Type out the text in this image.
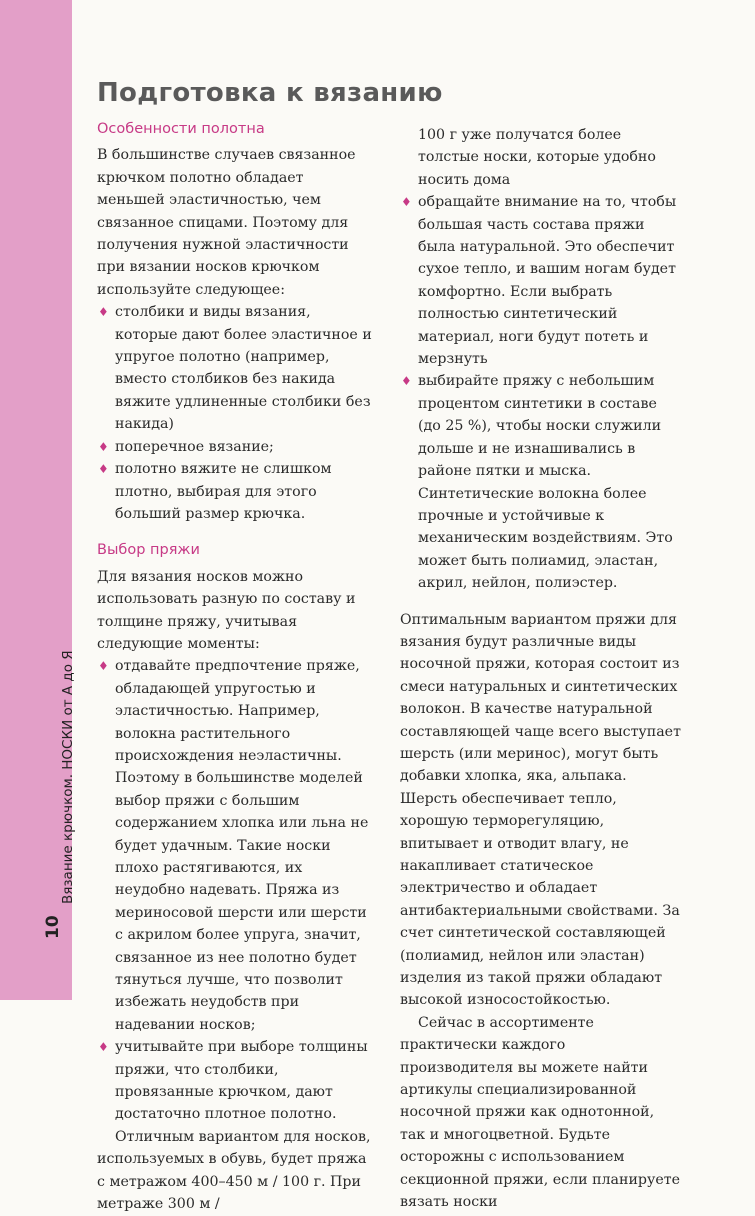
10
Вязание крючком. НОСКИ от А до Я
Подготовка к вязанию

Особенности полотна

В большинстве случаев связанное крючком полотно обладает меньшей эластичностью, чем связанное спицами. Поэтому для получения нужной эластичности при вязании носков крючком используйте следующее:

♦ столбики и виды вязания, которые дают более эластичное и упругое полотно (например, вместо столбиков без накида вяжите удлиненные столбики без накида)
♦ поперечное вязание;
♦ полотно вяжите не слишком плотно, выбирая для этого больший размер крючка.

Выбор пряжи

Для вязания носков можно использовать разную по составу и толщине пряжу, учитывая следующие моменты:

♦ отдавайте предпочтение пряже, обладающей упругостью и эластичностью. Например, волокна растительного происхождения неэластичны. Поэтому в большинстве моделей выбор пряжи с большим содержанием хлопка или льна не будет удачным. Такие носки плохо растягиваются, их неудобно надевать. Пряжа из мериносовой шерсти или шерсти с акрилом более упруга, значит, связанное из нее полотно будет тянуться лучше, что позволит избежать неудобств при надевании носков;
♦ учитывайте при выборе толщины пряжи, что столбики, провязанные крючком, дают достаточно плотное полотно.

Отличным вариантом для носков, используемых в обувь, будет пряжа с метражом 400–450 м / 100 г. При метраже 300 м /

100 г уже получатся более толстые носки, которые удобно носить дома

♦ обращайте внимание на то, чтобы большая часть состава пряжи была натуральной. Это обеспечит сухое тепло, и вашим ногам будет комфортно. Если выбрать полностью синтетический материал, ноги будут потеть и мерзнуть
♦ выбирайте пряжу с небольшим процентом синтетики в составе (до 25 %), чтобы носки служили дольше и не изнашивались в районе пятки и мыска. Синтетические волокна более прочные и устойчивые к механическим воздействиям. Это может быть полиамид, эластан, акрил, нейлон, полиэстер.

Оптимальным вариантом пряжи для вязания будут различные виды носочной пряжи, которая состоит из смеси натуральных и синтетических волокон. В качестве натуральной составляющей чаще всего выступает шерсть (или меринос), могут быть добавки хлопка, яка, альпака. Шерсть обеспечивает тепло, хорошую терморегуляцию, впитывает и отводит влагу, не накапливает статическое электричество и обладает антибактериальными свойствами. За счет синтетической составляющей (полиамид, нейлон или эластан) изделия из такой пряжи обладают высокой износостойкостью.

Сейчас в ассортименте практически каждого производителя вы можете найти артикулы специализированной носочной пряжи как однотонной, так и многоцветной. Будьте осторожны с использованием секционной пряжи, если планируете вязать носки
